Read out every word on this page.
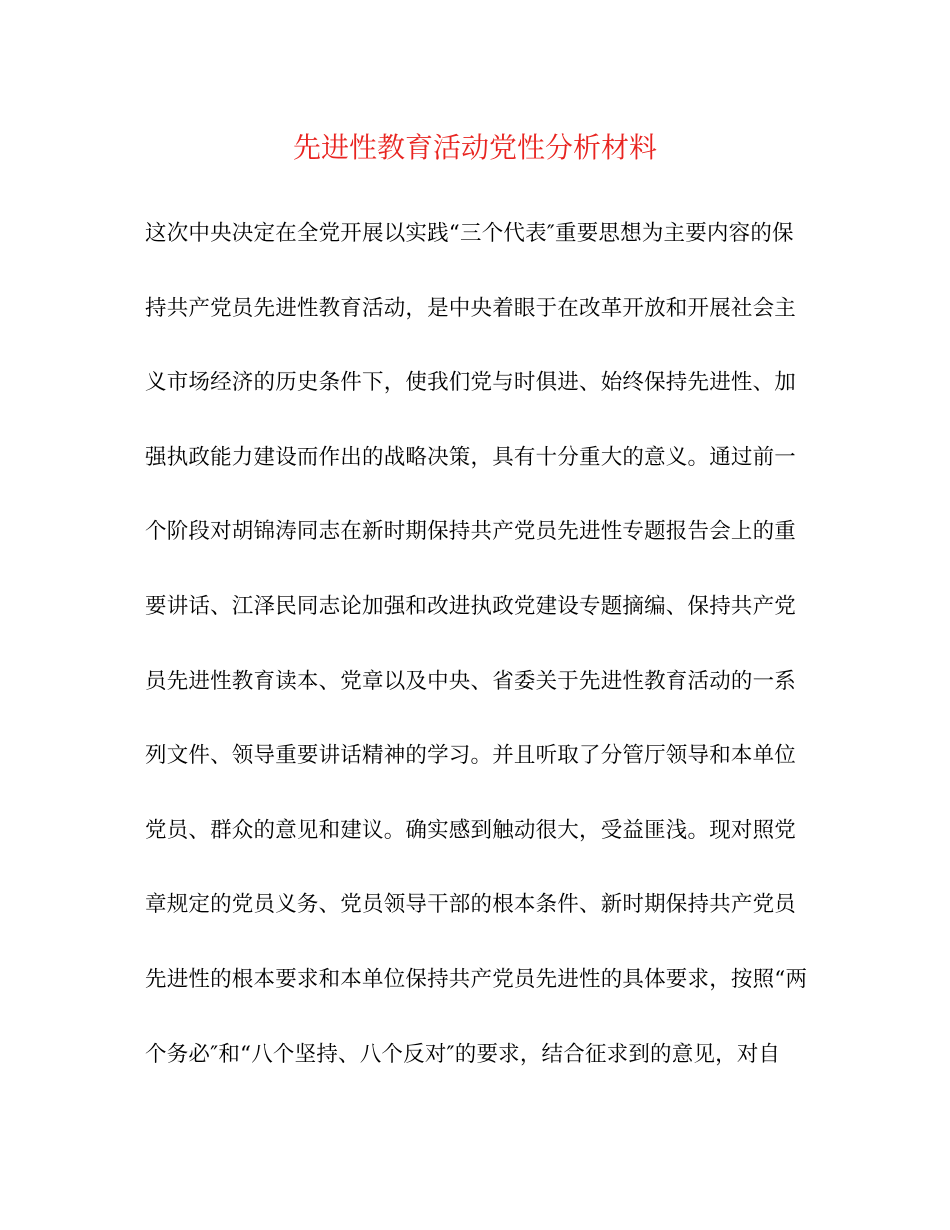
先进性教育活动党性分析材料
这次中央决定在全党开展以实践“三个代表″重要思想为主要内容的保
持共产党员先进性教育活动，是中央着眼于在改革开放和开展社会主
义市场经济的历史条件下，使我们党与时俱进、始终保持先进性、加
强执政能力建设而作出的战略决策，具有十分重大的意义。通过前一
个阶段对胡锦涛同志在新时期保持共产党员先进性专题报告会上的重
要讲话、江泽民同志论加强和改进执政党建设专题摘编、保持共产党
员先进性教育读本、党章以及中央、省委关于先进性教育活动的一系
列文件、领导重要讲话精神的学习。并且听取了分管厅领导和本单位
党员、群众的意见和建议。确实感到触动很大，受益匪浅。现对照党
章规定的党员义务、党员领导干部的根本条件、新时期保持共产党员
先进性的根本要求和本单位保持共产党员先进性的具体要求，按照“两
个务必″和“八个坚持、八个反对″的要求，结合征求到的意见，对自
